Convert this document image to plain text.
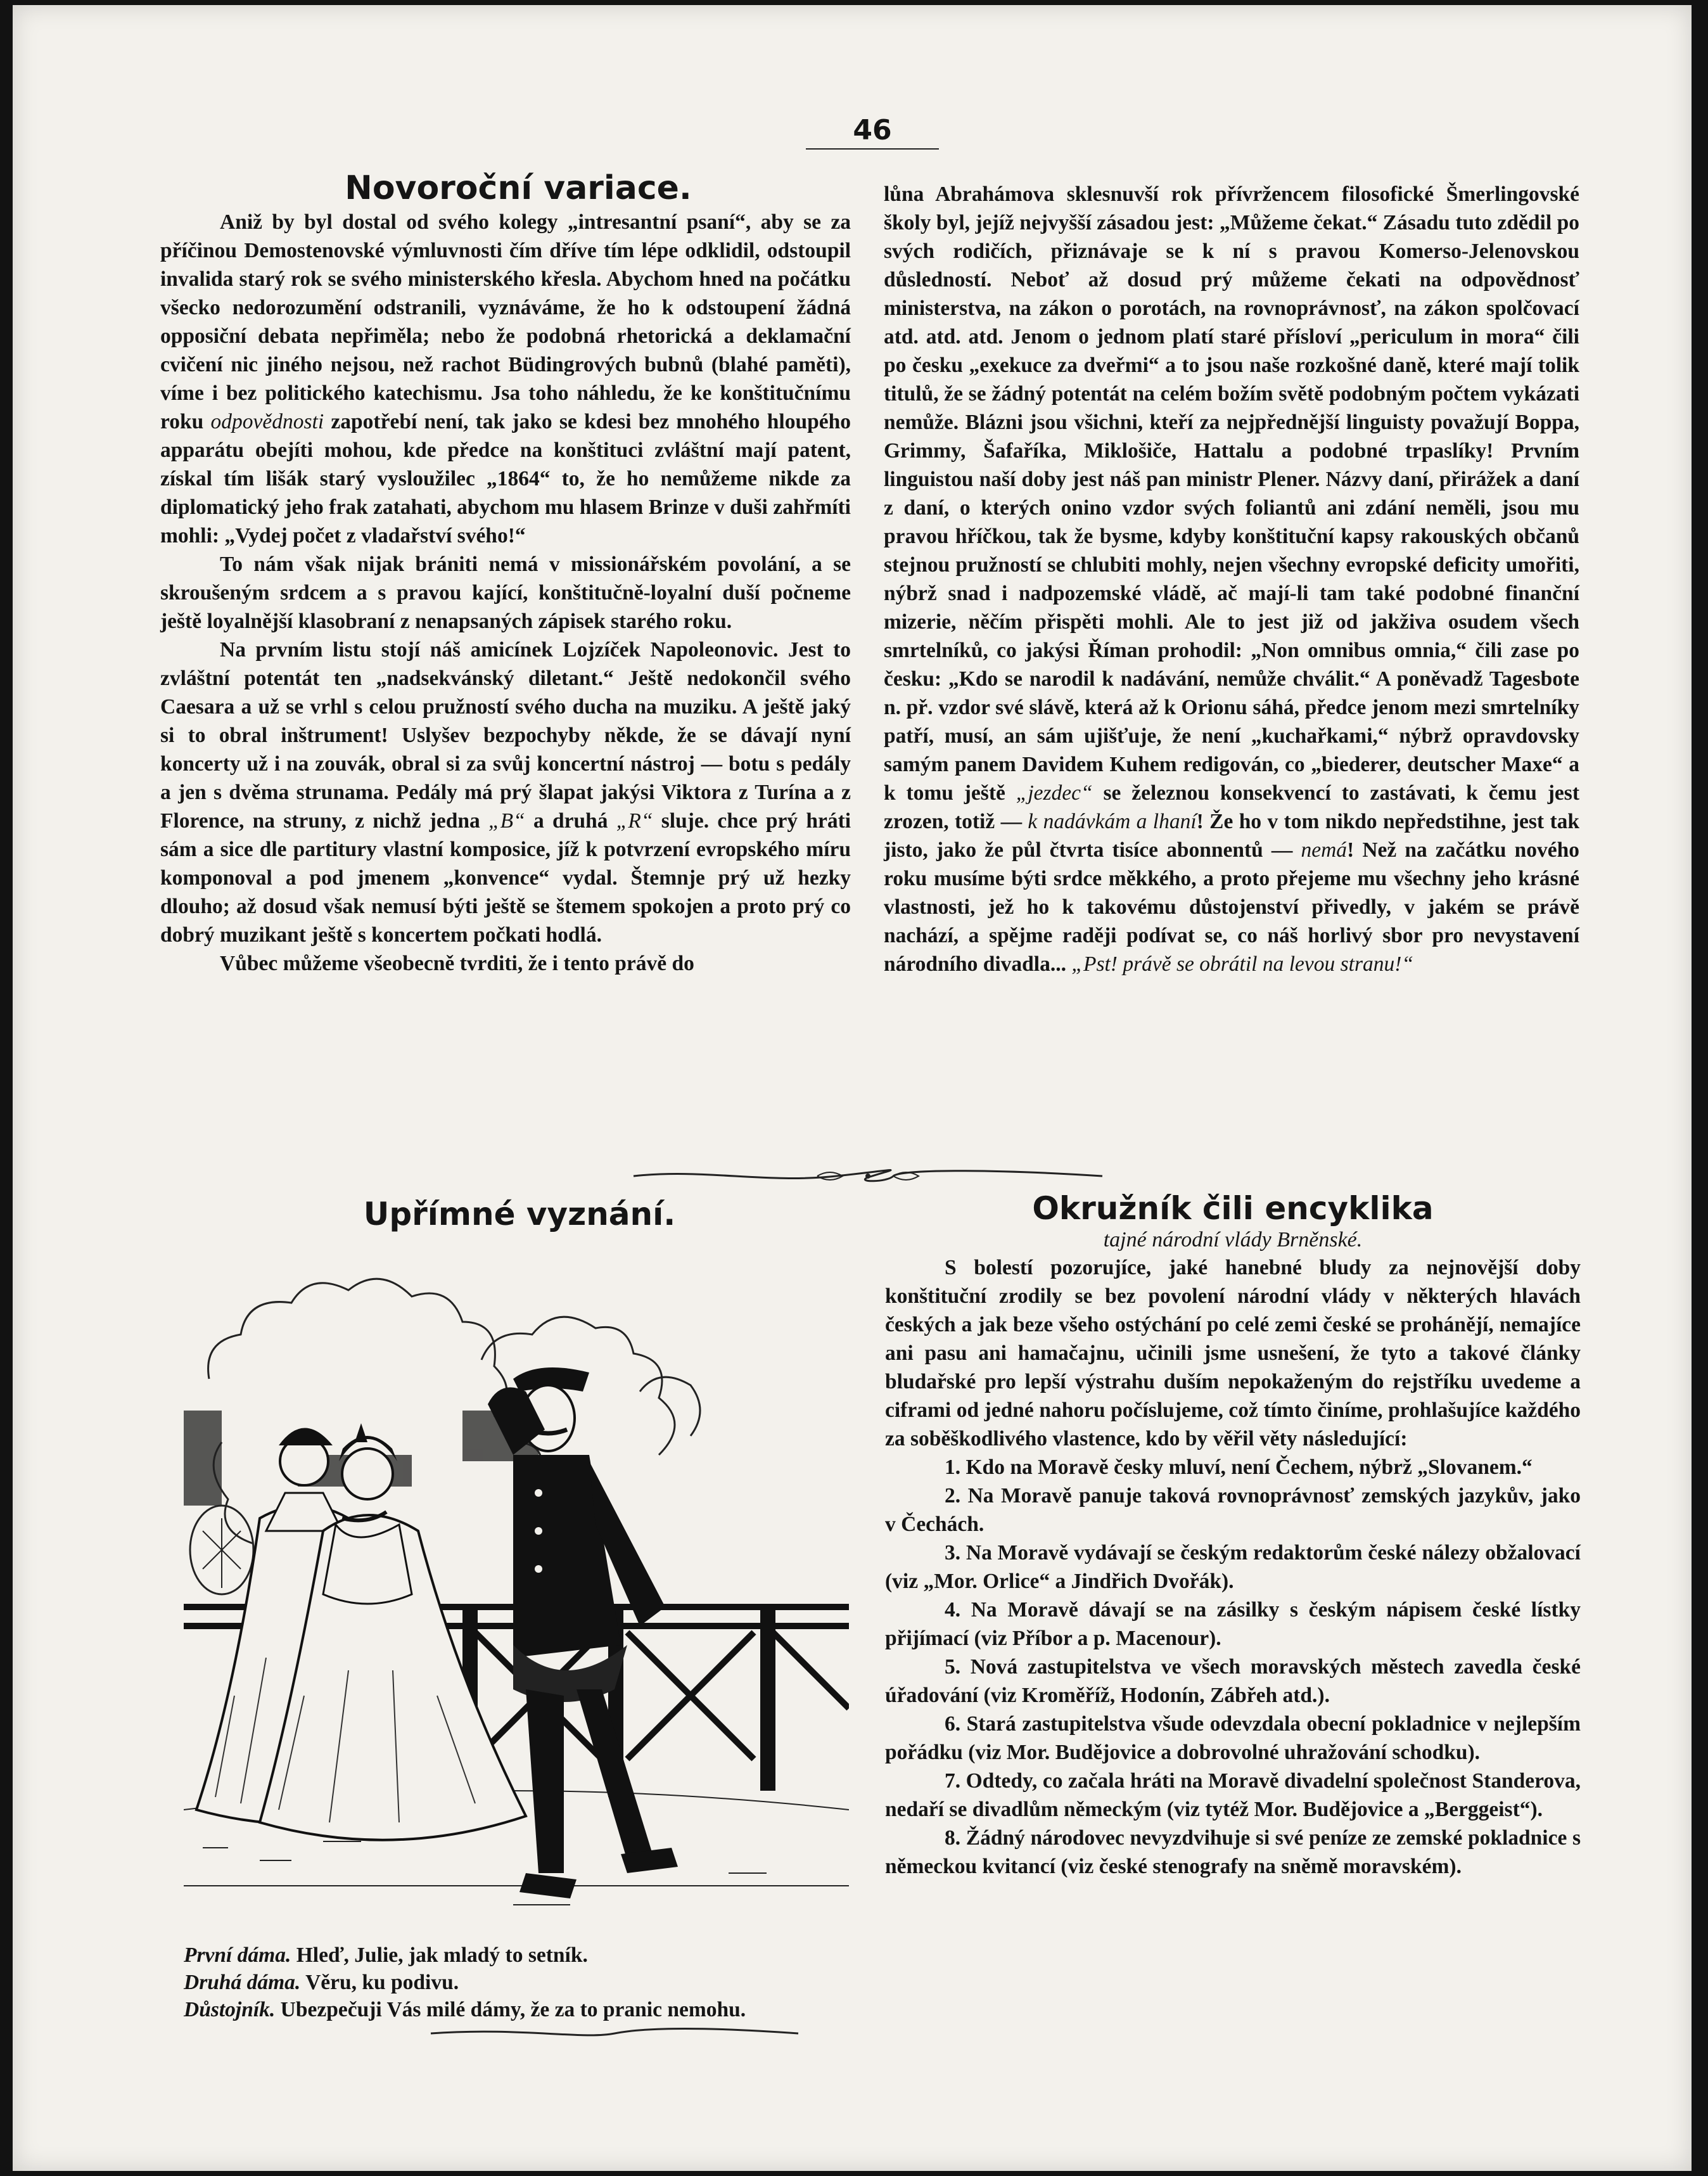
46

Novoroční variace.

Aniž by byl dostal od svého kolegy „intresantní psaní“, aby se za příčinou Demostenovské výmluvnosti čím dříve tím lépe odklidil, odstoupil invalida starý rok se svého ministerského křesla. Abychom hned na počátku všecko nedorozumění odstranili, vyznáváme, že ho k odstoupení žádná opposiční debata nepřiměla; nebo že podobná rhetorická a deklamační cvičení nic jiného nejsou, než rachot Büdingrových bubnů (blahé paměti), víme i bez politického katechismu. Jsa toho náhledu, že ke konštitučnímu roku odpovědnosti zapotřebí není, tak jako se kdesi bez mnohého hloupého apparátu obejíti mohou, kde předce na konštituci zvláštní mají patent, získal tím lišák starý vysloužilec „1864“ to, že ho nemůžeme nikde za diplomatický jeho frak zatahati, abychom mu hlasem Brinze v duši zahřmíti mohli: „Vydej počet z vladařství svého!“

To nám však nijak brániti nemá v missionářském povolání, a se skroušeným srdcem a s pravou kající, konštitučně-loyalní duší počneme ještě loyalnější klasobraní z nenapsaných zápisek starého roku.

Na prvním listu stojí náš amicínek Lojzíček Napoleonovic. Jest to zvláštní potentát ten „nadsekvánský diletant.“ Ještě nedokončil svého Caesara a už se vrhl s celou pružností svého ducha na muziku. A ještě jaký si to obral inštrument! Uslyšev bezpochyby někde, že se dávají nyní koncerty už i na zouvák, obral si za svůj koncertní nástroj — botu s pedály a jen s dvěma strunama. Pedály má prý šlapat jakýsi Viktora z Turína a z Florence, na struny, z nichž jedna „B“ a druhá „R“ sluje. chce prý hráti sám a sice dle partitury vlastní komposice, jíž k potvrzení evropského míru komponoval a pod jmenem „konvence“ vydal. Štemnje prý už hezky dlouho; až dosud však nemusí býti ještě se štemem spokojen a proto prý co dobrý muzikant ještě s koncertem počkati hodlá.

Vůbec můžeme všeobecně tvrditi, že i tento právě do

lůna Abrahámova sklesnuvší rok přívržencem filosofické Šmerlingovské školy byl, jejíž nejvyšší zásadou jest: „Můžeme čekat.“ Zásadu tuto zdědil po svých rodičích, přiznávaje se k ní s pravou Komerso-Jelenovskou důsledností. Neboť až dosud prý můžeme čekati na odpovědnosť ministerstva, na zákon o porotách, na rovnoprávnosť, na zákon spolčovací atd. atd. atd. Jenom o jednom platí staré přísloví „periculum in mora“ čili po česku „exekuce za dveřmi“ a to jsou naše rozkošné daně, které mají tolik titulů, že se žádný potentát na celém božím světě podobným počtem vykázati nemůže. Blázni jsou všichni, kteří za nejpřednější linguisty považují Boppa, Grimmy, Šafaříka, Miklošiče, Hattalu a podobné trpaslíky! Prvním linguistou naší doby jest náš pan ministr Plener. Názvy daní, přirážek a daní z daní, o kterých onino vzdor svých foliantů ani zdání neměli, jsou mu pravou hříčkou, tak že bysme, kdyby konštituční kapsy rakouských občanů stejnou pružností se chlubiti mohly, nejen všechny evropské deficity umořiti, nýbrž snad i nadpozemské vládě, ač mají-li tam také podobné finanční mizerie, něčím přispěti mohli. Ale to jest již od jakživa osudem všech smrtelníků, co jakýsi Říman prohodil: „Non omnibus omnia,“ čili zase po česku: „Kdo se narodil k nadávání, nemůže chválit.“ A poněvadž Tagesbote n. př. vzdor své slávě, která až k Orionu sáhá, předce jenom mezi smrtelníky patří, musí, an sám ujišťuje, že není „kuchařkami,“ nýbrž opravdovsky samým panem Davidem Kuhem redigován, co „biederer, deutscher Maxe“ a k tomu ještě „jezdec“ se železnou konsekvencí to zastávati, k čemu jest zrozen, totiž — k nadávkám a lhaní! Že ho v tom nikdo nepředstihne, jest tak jisto, jako že půl čtvrta tisíce abonnentů — nemá! Než na začátku nového roku musíme býti srdce měkkého, a proto přejeme mu všechny jeho krásné vlastnosti, jež ho k takovému důstojenství přivedly, v jakém se právě nachází, a spějme raději podívat se, co náš horlivý sbor pro nevystavení národního divadla... „Pst! právě se obrátil na levou stranu!“

Upřímné vyznání.

První dáma. Hleď, Julie, jak mladý to setník.

Druhá dáma. Věru, ku podivu.

Důstojník. Ubezpečuji Vás milé dámy, že za to pranic nemohu.

Okružník čili encyklika

tajné národní vlády Brněnské.

S bolestí pozorujíce, jaké hanebné bludy za nejnovější doby konštituční zrodily se bez povolení národní vlády v některých hlavách českých a jak beze všeho ostýchání po celé zemi české se prohánějí, nemajíce ani pasu ani hamačajnu, učinili jsme usnešení, že tyto a takové články bludařské pro lepší výstrahu duším nepokaženým do rejstříku uvedeme a ciframi od jedné nahoru počíslujeme, což tímto činíme, prohlašujíce každého za soběškodlivého vlastence, kdo by věřil věty následující:

1. Kdo na Moravě česky mluví, není Čechem, nýbrž „Slovanem.“

2. Na Moravě panuje taková rovnoprávnosť zemských jazykův, jako v Čechách.

3. Na Moravě vydávají se českým redaktorům české nálezy obžalovací (viz „Mor. Orlice“ a Jindřich Dvořák).

4. Na Moravě dávají se na zásilky s českým nápisem české lístky přijímací (viz Příbor a p. Macenour).

5. Nová zastupitelstva ve všech moravských městech zavedla české úřadování (viz Kroměříž, Hodonín, Zábřeh atd.).

6. Stará zastupitelstva všude odevzdala obecní pokladnice v nejlepším pořádku (viz Mor. Budějovice a dobrovolné uhražování schodku).

7. Odtedy, co začala hráti na Moravě divadelní společnost Standerova, nedaří se divadlům německým (viz tytéž Mor. Budějovice a „Berggeist“).

8. Žádný národovec nevyzdvihuje si své peníze ze zemské pokladnice s německou kvitancí (viz české stenografy na sněmě moravském).
